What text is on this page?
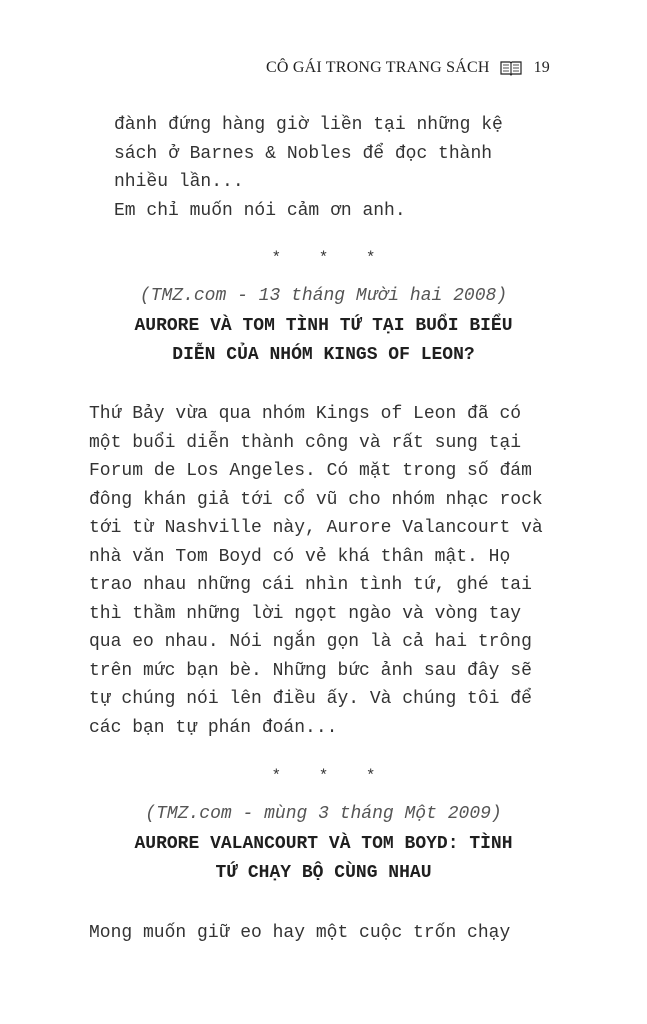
CÔ GÁI TRONG TRANG SÁCH	19
đành đứng hàng giờ liền tại những kệ
sách ở Barnes & Nobles để đọc thành
nhiều lần...
Em chỉ muốn nói cảm ơn anh.
* * *
(TMZ.com - 13 tháng Mười hai 2008)
AURORE VÀ TOM TÌNH TỨ TẠI BUỔI BIỂU
DIỄN CỦA NHÓM KINGS OF LEON?
Thứ Bảy vừa qua nhóm Kings of Leon đã có
một buổi diễn thành công và rất sung tại
Forum de Los Angeles. Có mặt trong số đám
đông khán giả tới cổ vũ cho nhóm nhạc rock
tới từ Nashville này, Aurore Valancourt và
nhà văn Tom Boyd có vẻ khá thân mật. Họ
trao nhau những cái nhìn tình tứ, ghé tai
thì thầm những lời ngọt ngào và vòng tay
qua eo nhau. Nói ngắn gọn là cả hai trông
trên mức bạn bè. Những bức ảnh sau đây sẽ
tự chúng nói lên điều ấy. Và chúng tôi để
các bạn tự phán đoán...
* * *
(TMZ.com - mùng 3 tháng Một 2009)
AURORE VALANCOURT VÀ TOM BOYD: TÌNH
TỨ CHẠY BỘ CÙNG NHAU
Mong muốn giữ eo hay một cuộc trốn chạy
